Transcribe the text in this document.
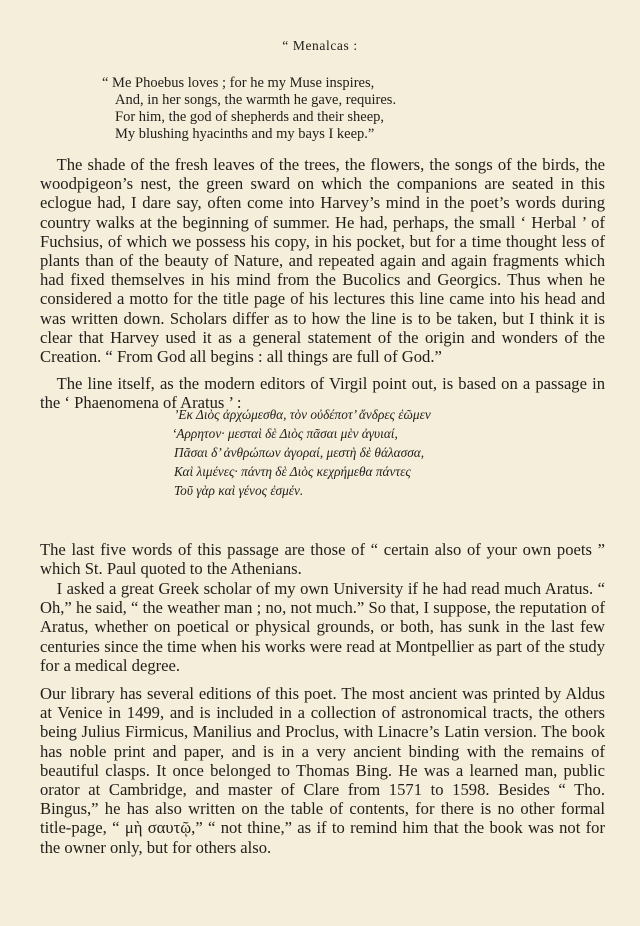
“ Menalcas :
“ Me Phoebus loves ; for he my Muse inspires,
And, in her songs, the warmth he gave, requires.
For him, the god of shepherds and their sheep,
My blushing hyacinths and my bays I keep.”

The shade of the fresh leaves of the trees, the flowers, the songs of the birds, the woodpigeon’s nest, the green sward on which the companions are seated in this eclogue had, I dare say, often come into Harvey’s mind in the poet’s words during country walks at the beginning of summer. He had, perhaps, the small ‘ Herbal ’ of Fuchsius, of which we possess his copy, in his pocket, but for a time thought less of plants than of the beauty of Nature, and repeated again and again fragments which had fixed themselves in his mind from the Bucolics and Georgics. Thus when he considered a motto for the title page of his lectures this line came into his head and was written down. Scholars differ as to how the line is to be taken, but I think it is clear that Harvey used it as a general statement of the origin and wonders of the Creation. “ From God all begins : all things are full of God.”

The line itself, as the modern editors of Virgil point out, is based on a passage in the ‘ Phaenomena of Aratus ’ :

’Εκ Διὸς ἀρχώμεσθα, τὸν οὐδέποτ’ ἄνδρες ἐῶμεν
‘Αρρητον· μεσταὶ δὲ Διὸς πᾶσαι μὲν ἀγυιαί,
Πᾶσαι δ’ ἀνθρώπων ἀγοραί, μεστὴ δὲ θάλασσα,
Καὶ λιμένες· πάντη δὲ Διὸς κεχρήμεθα πάντες
Τοῦ γὰρ καὶ γένος ἐσμέν.

The last five words of this passage are those of “ certain also of your own poets ” which St. Paul quoted to the Athenians.

I asked a great Greek scholar of my own University if he had read much Aratus. “ Oh,” he said, “ the weather man ; no, not much.” So that, I suppose, the reputation of Aratus, whether on poetical or physical grounds, or both, has sunk in the last few centuries since the time when his works were read at Montpellier as part of the study for a medical degree.

Our library has several editions of this poet. The most ancient was printed by Aldus at Venice in 1499, and is included in a collection of astronomical tracts, the others being Julius Firmicus, Manilius and Proclus, with Linacre’s Latin version. The book has noble print and paper, and is in a very ancient binding with the remains of beautiful clasps. It once belonged to Thomas Bing. He was a learned man, public orator at Cambridge, and master of Clare from 1571 to 1598. Besides “ Tho. Bingus,” he has also written on the table of contents, for there is no other formal title-page, “ μὴ σαυτῷ,” “ not thine,” as if to remind him that the book was not for the owner only, but for others also.
